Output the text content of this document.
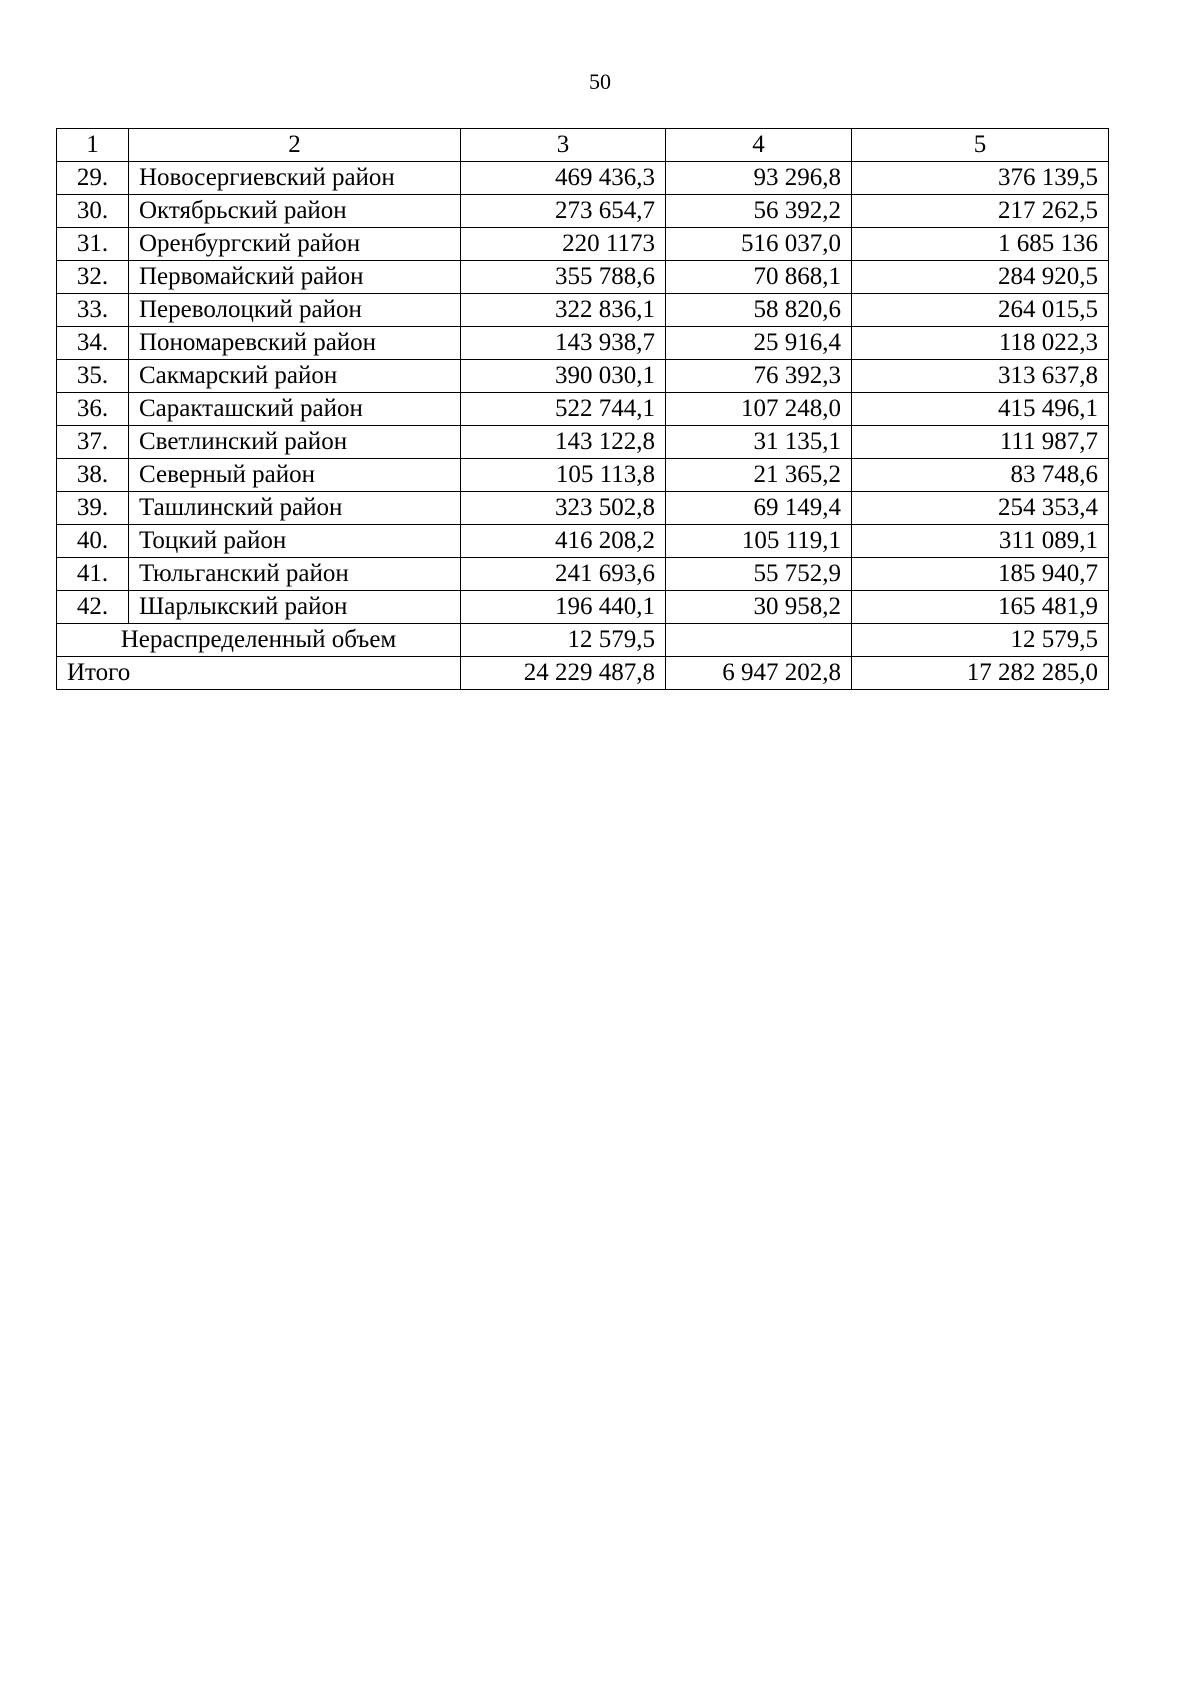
50
1	2	3	4	5
29.	Новосергиевский район	469 436,3	93 296,8	376 139,5
30.	Октябрьский район	273 654,7	56 392,2	217 262,5
31.	Оренбургский район	220 1173	516 037,0	1 685 136
32.	Первомайский район	355 788,6	70 868,1	284 920,5
33.	Переволоцкий район	322 836,1	58 820,6	264 015,5
34.	Пономаревский район	143 938,7	25 916,4	118 022,3
35.	Сакмарский район	390 030,1	76 392,3	313 637,8
36.	Саракташский район	522 744,1	107 248,0	415 496,1
37.	Светлинский район	143 122,8	31 135,1	111 987,7
38.	Северный район	105 113,8	21 365,2	83 748,6
39.	Ташлинский район	323 502,8	69 149,4	254 353,4
40.	Тоцкий район	416 208,2	105 119,1	311 089,1
41.	Тюльганский район	241 693,6	55 752,9	185 940,7
42.	Шарлыкский район	196 440,1	30 958,2	165 481,9
Нераспределенный объем		12 579,5		12 579,5
Итого		24 229 487,8	6 947 202,8	17 282 285,0
